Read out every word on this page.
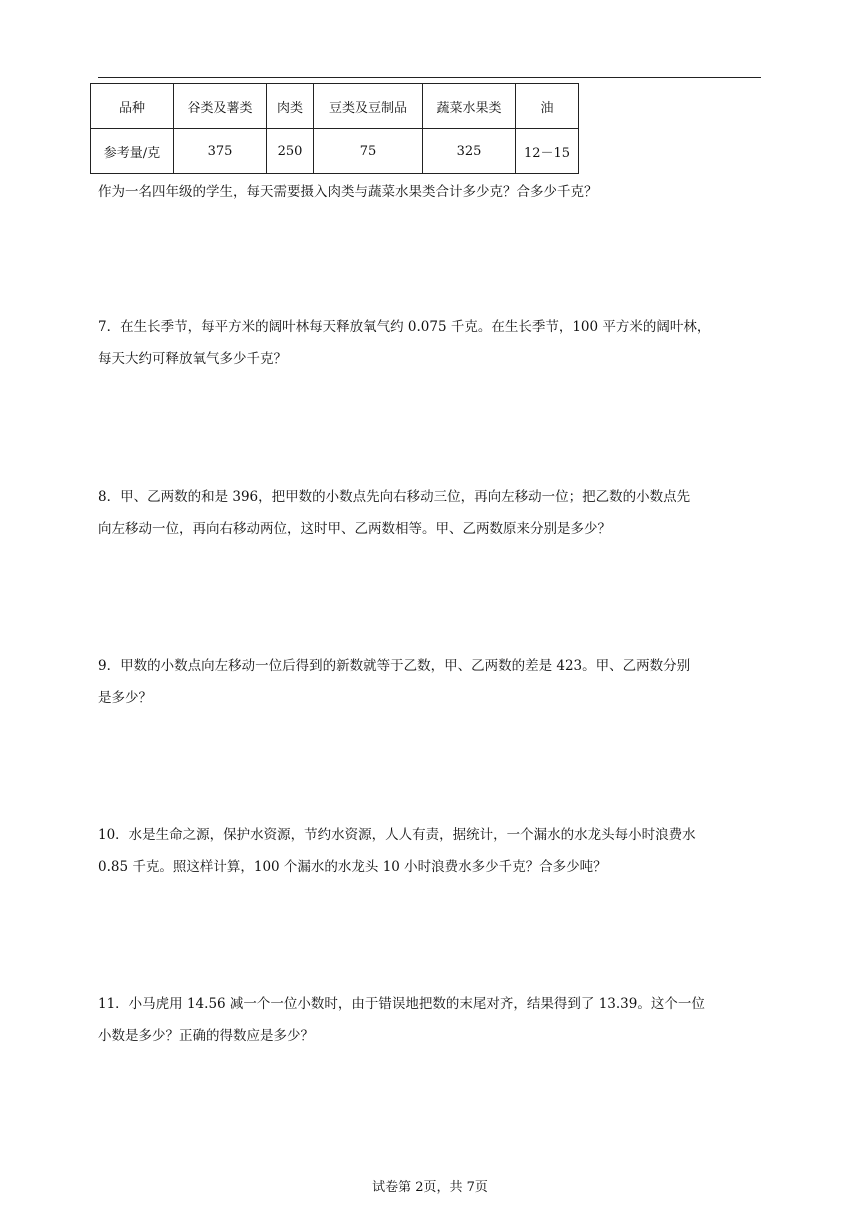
品种	谷类及薯类	肉类	豆类及豆制品	蔬菜水果类	油
参考量/克	375	250	75	325	12－15

作为一名四年级的学生，每天需要摄入肉类与蔬菜水果类合计多少克？合多少千克？

7．在生长季节，每平方米的阔叶林每天释放氧气约 0.075 千克。在生长季节，100 平方米的阔叶林，
每天大约可释放氧气多少千克？
8．甲、乙两数的和是 396，把甲数的小数点先向右移动三位，再向左移动一位；把乙数的小数点先
向左移动一位，再向右移动两位，这时甲、乙两数相等。甲、乙两数原来分别是多少？
9．甲数的小数点向左移动一位后得到的新数就等于乙数，甲、乙两数的差是 423。甲、乙两数分别
是多少？
10．水是生命之源，保护水资源，节约水资源，人人有责，据统计，一个漏水的水龙头每小时浪费水
0.85 千克。照这样计算，100 个漏水的水龙头 10 小时浪费水多少千克？合多少吨？
11．小马虎用 14.56 减一个一位小数时，由于错误地把数的末尾对齐，结果得到了 13.39。这个一位
小数是多少？正确的得数应是多少？
试卷第 2页，共 7页
